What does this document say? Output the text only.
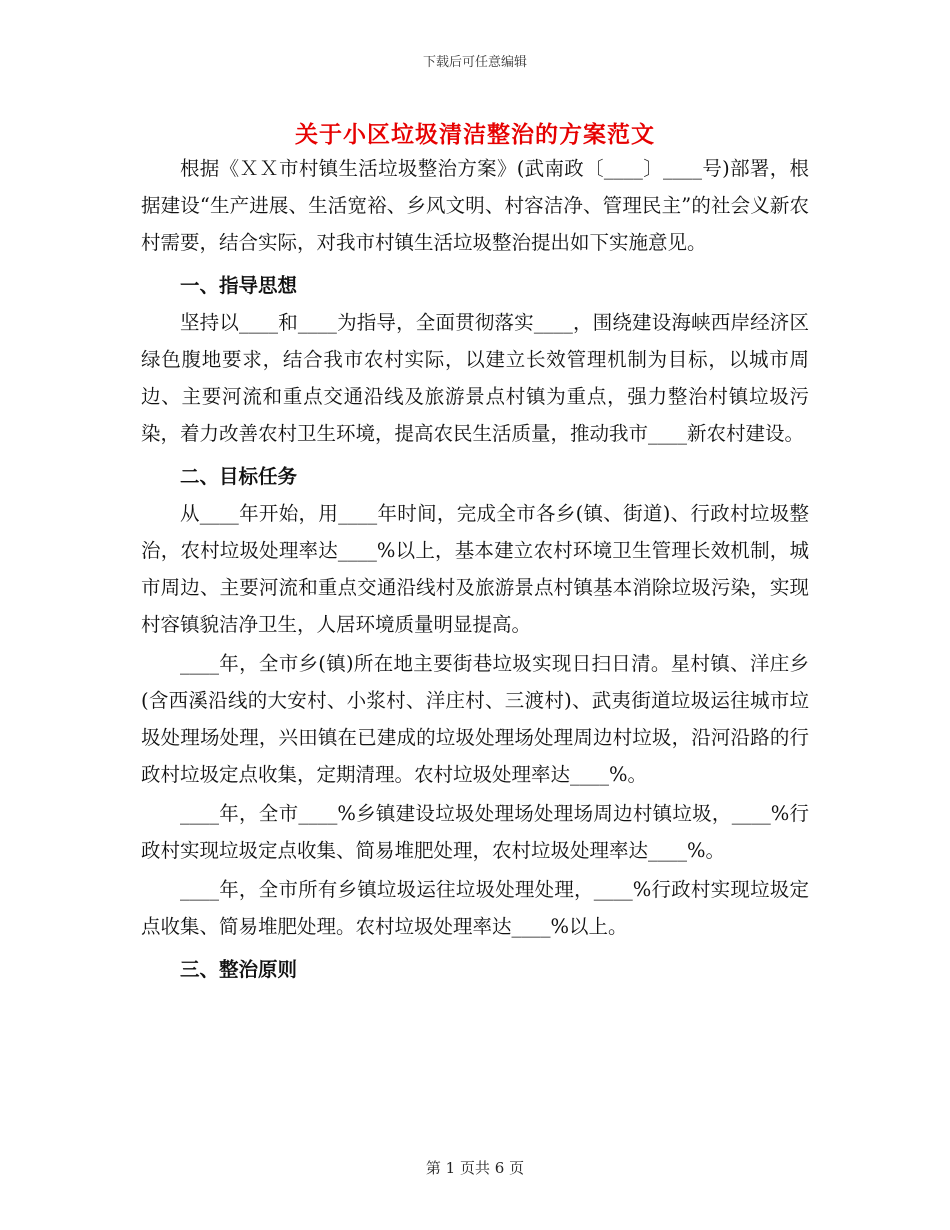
下载后可任意编辑
关于小区垃圾清洁整治的方案范文

根据《ＸＸ市村镇生活垃圾整治方案》(武南政〔____〕____号)部署，根据建设“生产进展、生活宽裕、乡风文明、村容洁净、管理民主”的社会义新农村需要，结合实际，对我市村镇生活垃圾整治提出如下实施意见。

一、指导思想

坚持以____和____为指导，全面贯彻落实____，围绕建设海峡西岸经济区绿色腹地要求，结合我市农村实际，以建立长效管理机制为目标，以城市周边、主要河流和重点交通沿线及旅游景点村镇为重点，强力整治村镇垃圾污染，着力改善农村卫生环境，提高农民生活质量，推动我市____新农村建设。

二、目标任务

从____年开始，用____年时间，完成全市各乡(镇、街道)、行政村垃圾整治，农村垃圾处理率达____%以上，基本建立农村环境卫生管理长效机制，城市周边、主要河流和重点交通沿线村及旅游景点村镇基本消除垃圾污染，实现村容镇貌洁净卫生，人居环境质量明显提高。

____年，全市乡(镇)所在地主要街巷垃圾实现日扫日清。星村镇、洋庄乡(含西溪沿线的大安村、小浆村、洋庄村、三渡村)、武夷街道垃圾运往城市垃圾处理场处理，兴田镇在已建成的垃圾处理场处理周边村垃圾，沿河沿路的行政村垃圾定点收集，定期清理。农村垃圾处理率达____%。

____年，全市____%乡镇建设垃圾处理场处理场周边村镇垃圾，____%行政村实现垃圾定点收集、简易堆肥处理，农村垃圾处理率达____%。

____年，全市所有乡镇垃圾运往垃圾处理处理，____%行政村实现垃圾定点收集、简易堆肥处理。农村垃圾处理率达____%以上。

三、整治原则
第 1 页共 6 页
